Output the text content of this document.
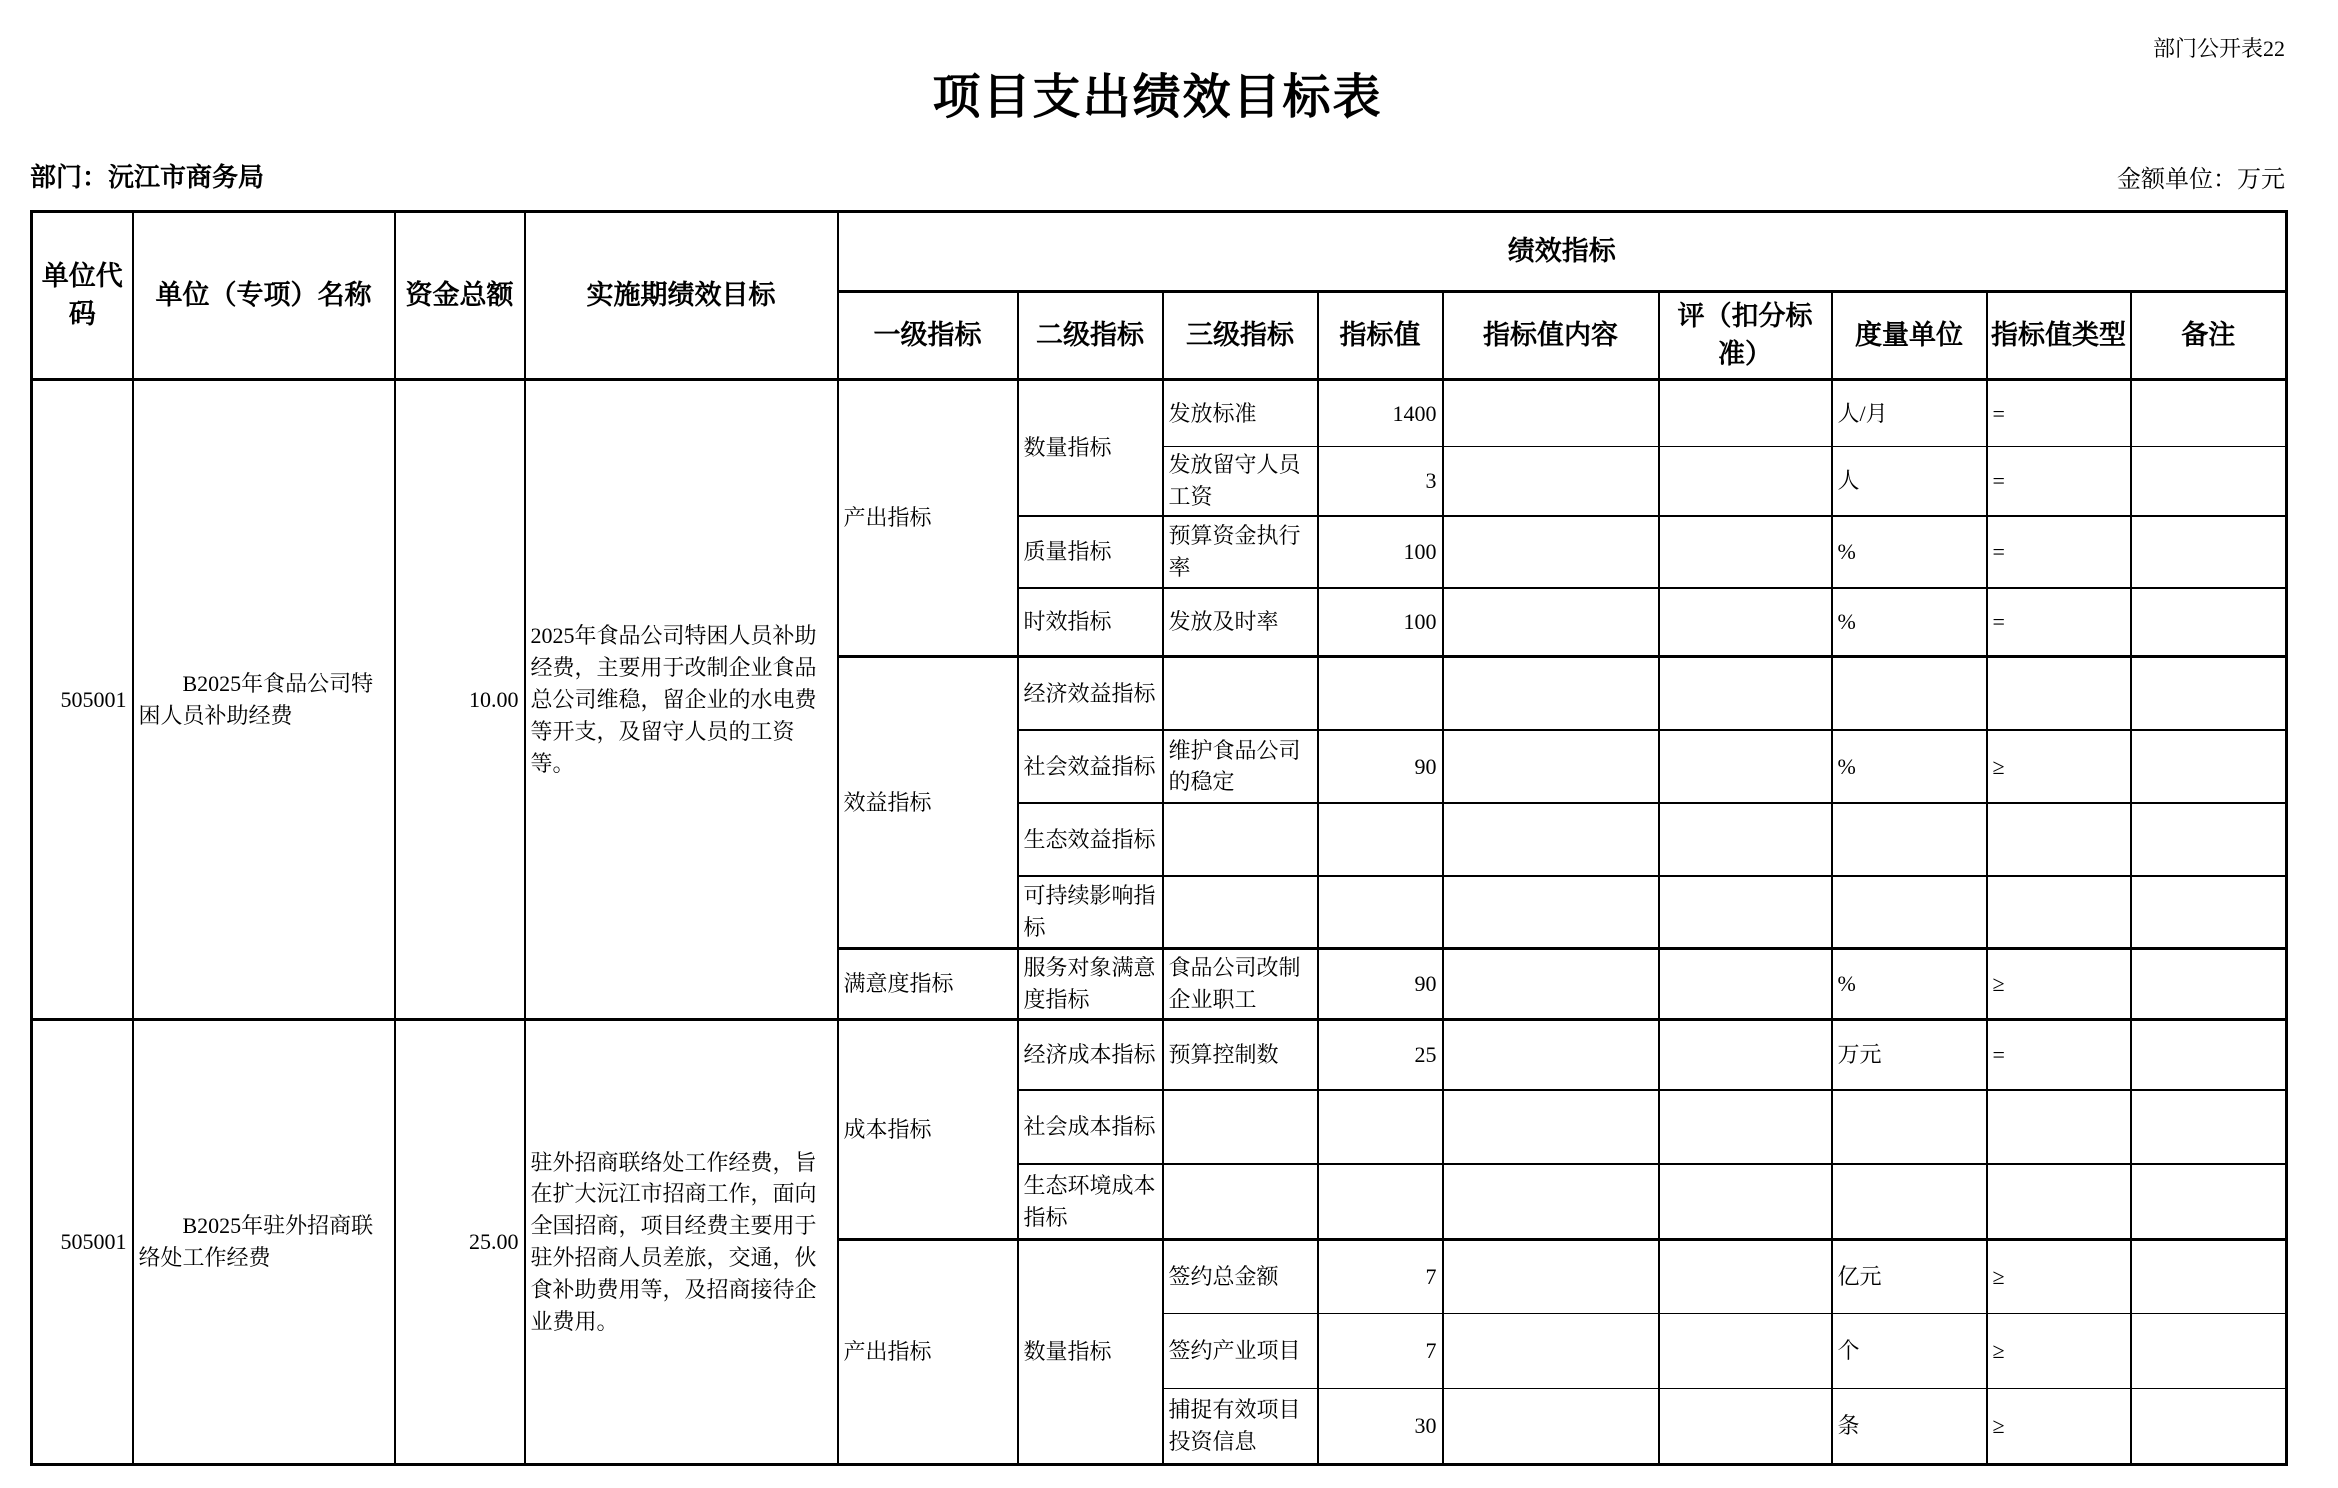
部门公开表22
项目支出绩效目标表
部门：沅江市商务局	金额单位：万元
单位代码	单位（专项）名称	资金总额	实施期绩效目标	绩效指标								
				一级指标	二级指标	三级指标	指标值	指标值内容	评（扣分标准）	度量单位	指标值类型	备注
505001	B2025年食品公司特困人员补助经费	10.00	2025年食品公司特困人员补助经费，主要用于改制企业食品总公司维稳，留企业的水电费等开支，及留守人员的工资等。	产出指标	数量指标	发放标准	1400			人/月	=	
						发放留守人员工资	3			人	=	
					质量指标	预算资金执行率	100			%	=	
					时效指标	发放及时率	100			%	=	
				效益指标	经济效益指标							
					社会效益指标	维护食品公司的稳定	90			%	≥	
					生态效益指标							
					可持续影响指标							
				满意度指标	服务对象满意度指标	食品公司改制企业职工	90			%	≥	
505001	B2025年驻外招商联络处工作经费	25.00	驻外招商联络处工作经费，旨在扩大沅江市招商工作，面向全国招商，项目经费主要用于驻外招商人员差旅，交通，伙食补助费用等，及招商接待企业费用。	成本指标	经济成本指标	预算控制数	25			万元	=	
					社会成本指标							
					生态环境成本指标							
				产出指标	数量指标	签约总金额	7			亿元	≥	
						签约产业项目	7			个	≥	
						捕捉有效项目投资信息	30			条	≥	
